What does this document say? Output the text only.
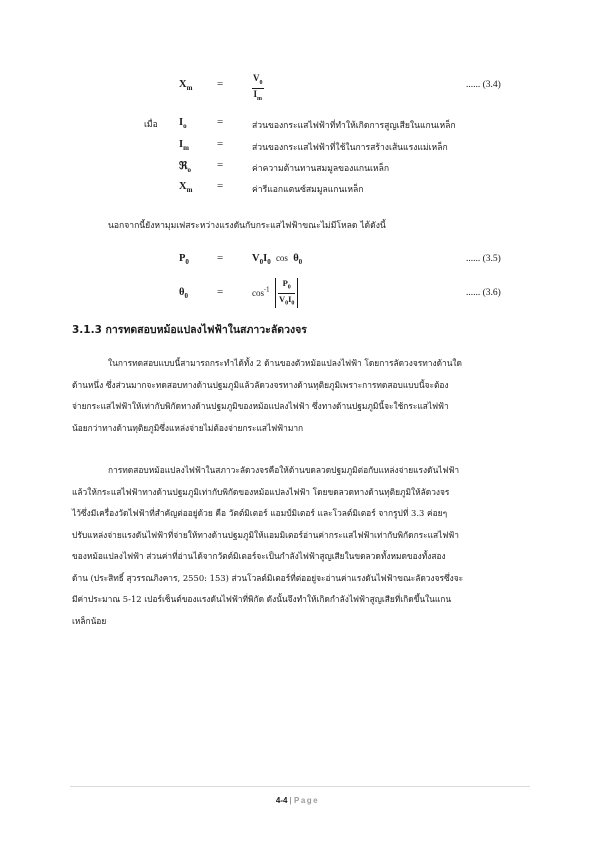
$X_m$ =	$\frac{V_0}{I_m}$	...... (3.4)
เมื่อ $I_o$	=	ส่วนของกระแสไฟฟ้าที่ทำให้เกิดการสูญเสียในแกนเหล็ก
$I_m$	=	ส่วนของกระแสไฟฟ้าที่ใช้ในการสร้างเส้นแรงแม่เหล็ก
ℜ$_o$ =	ค่าความต้านทานสมมูลของแกนเหล็ก
$X_m$ =	ค่ารีแอกแตนซ์สมมูลแกนเหล็ก
นอกจากนี้ยังหามุมเฟสระหว่างแรงดันกับกระแสไฟฟ้าขณะไม่มีโหลด ได้ดังนี้
$P_0$	=	$V_0I_0$ $\cos \theta_0$	...... (3.5)
$\theta_0$	=	$\cos^{-1} \frac{P_0}{V_0I_0}$	...... (3.6)
3.1.3 การทดสอบหม้อแปลงไฟฟ้าในสภาวะลัดวงจร
ในการทดสอบแบบนี้สามารถกระทำได้ทั้ง 2 ด้านของตัวหม้อแปลงไฟฟ้า โดยการลัดวงจรทางด้านใด
ด้านหนึ่ง ซึ่งส่วนมากจะทดสอบทางด้านปฐมภูมิแล้วลัดวงจรทางด้านทุติยภูมิเพราะการทดสอบแบบนี้จะต้อง
จ่ายกระแสไฟฟ้าให้เท่ากับพิกัดทางด้านปฐมภูมิของหม้อแปลงไฟฟ้า ซึ่งทางด้านปฐมภูมินี้จะใช้กระแสไฟฟ้า
น้อยกว่าทางด้านทุติยภูมิซึ่งแหล่งจ่ายไม่ต้องจ่ายกระแสไฟฟ้ามาก
การทดสอบหม้อแปลงไฟฟ้าในสภาวะลัดวงจรคือให้ด้านขดลวดปฐมภูมิต่อกับแหล่งจ่ายแรงดันไฟฟ้า
แล้วให้กระแสไฟฟ้าทางด้านปฐมภูมิเท่ากับพิกัดของหม้อแปลงไฟฟ้า โดยขดลวดทางด้านทุติยภูมิให้ลัดวงจร
ไว้ซึ่งมีเครื่องวัดไฟฟ้าที่สำคัญต่ออยู่ด้วย คือ วัตต์มิเตอร์ แอมป์มิเตอร์ และโวลต์มิเตอร์ จากรูปที่ 3.3 ค่อยๆ
ปรับแหล่งจ่ายแรงดันไฟฟ้าที่จ่ายให้ทางด้านปฐมภูมิให้แอมมิเตอร์อ่านค่ากระแสไฟฟ้าเท่ากับพิกัดกระแสไฟฟ้า
ของหม้อแปลงไฟฟ้า ส่วนค่าที่อ่านได้จากวัตต์มิเตอร์จะเป็นกำลังไฟฟ้าสูญเสียในขดลวดทั้งหมดของทั้งสอง
ด้าน (ประสิทธิ์ สุวรรณภิงคาร, 2550: 153) ส่วนโวลต์มิเตอร์ที่ต่ออยู่จะอ่านค่าแรงดันไฟฟ้าขณะลัดวงจรซึ่งจะ
มีค่าประมาณ 5-12 เปอร์เซ็นต์ของแรงดันไฟฟ้าที่พิกัด ดังนั้นจึงทำให้เกิดกำลังไฟฟ้าสูญเสียที่เกิดขึ้นในแกน
เหล็กน้อย
4-4 | Page
